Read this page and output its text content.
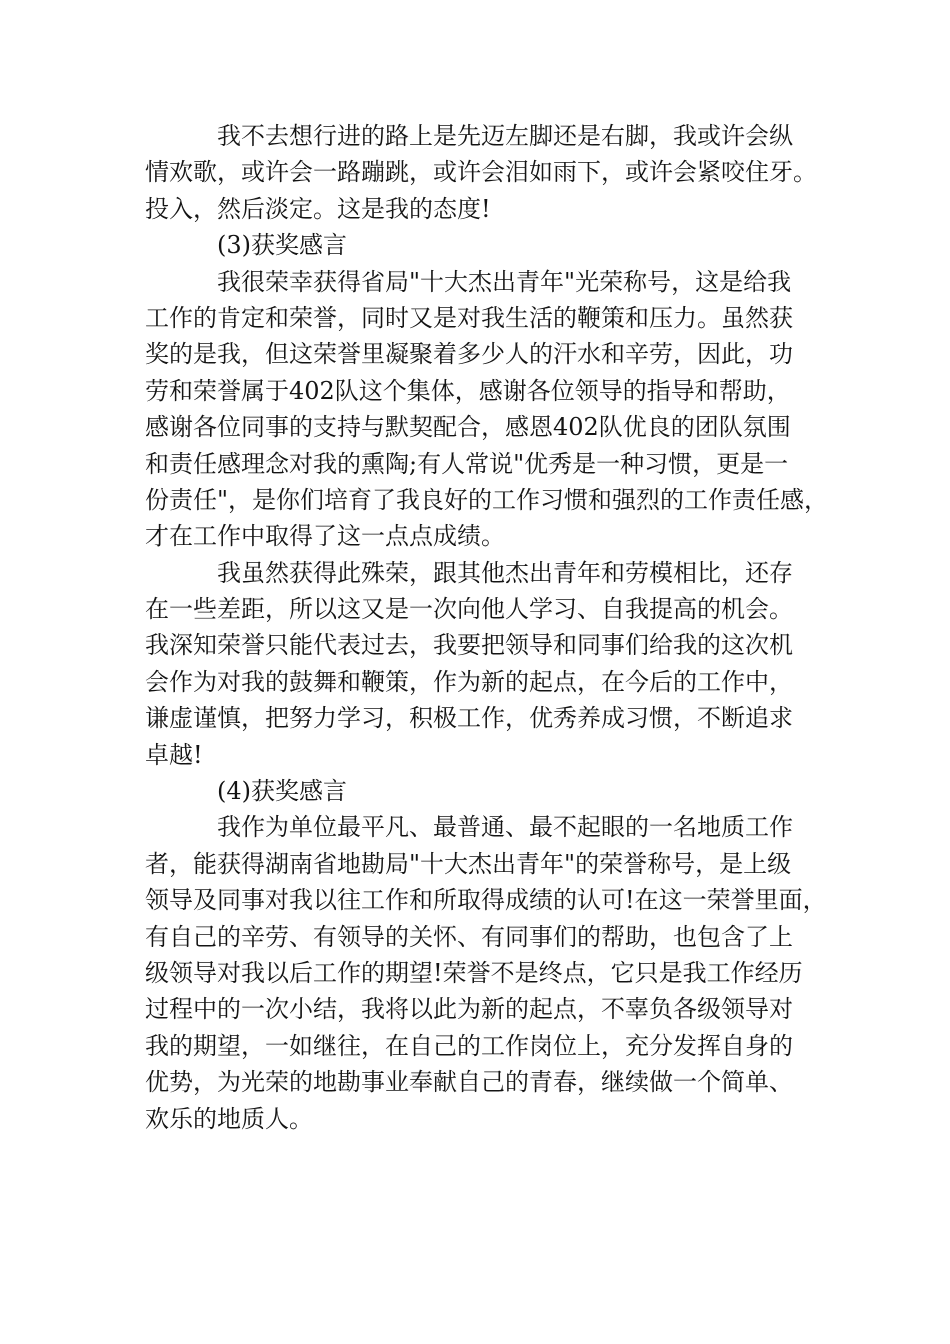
我不去想行进的路上是先迈左脚还是右脚，我或许会纵

情欢歌，或许会一路蹦跳，或许会泪如雨下，或许会紧咬住牙。

投入，然后淡定。这是我的态度!

(3)获奖感言

我很荣幸获得省局"十大杰出青年"光荣称号，这是给我

工作的肯定和荣誉，同时又是对我生活的鞭策和压力。虽然获

奖的是我，但这荣誉里凝聚着多少人的汗水和辛劳，因此，功

劳和荣誉属于402队这个集体，感谢各位领导的指导和帮助，

感谢各位同事的支持与默契配合，感恩402队优良的团队氛围

和责任感理念对我的熏陶;有人常说"优秀是一种习惯，更是一

份责任"，是你们培育了我良好的工作习惯和强烈的工作责任感，

才在工作中取得了这一点点成绩。

我虽然获得此殊荣，跟其他杰出青年和劳模相比，还存

在一些差距，所以这又是一次向他人学习、自我提高的机会。

我深知荣誉只能代表过去，我要把领导和同事们给我的这次机

会作为对我的鼓舞和鞭策，作为新的起点，在今后的工作中，

谦虚谨慎，把努力学习，积极工作，优秀养成习惯，不断追求

卓越!

(4)获奖感言

我作为单位最平凡、最普通、最不起眼的一名地质工作

者，能获得湖南省地勘局"十大杰出青年"的荣誉称号，是上级

领导及同事对我以往工作和所取得成绩的认可!在这一荣誉里面，

有自己的辛劳、有领导的关怀、有同事们的帮助，也包含了上

级领导对我以后工作的期望!荣誉不是终点，它只是我工作经历

过程中的一次小结，我将以此为新的起点，不辜负各级领导对

我的期望，一如继往，在自己的工作岗位上，充分发挥自身的

优势，为光荣的地勘事业奉献自己的青春，继续做一个简单、

欢乐的地质人。
